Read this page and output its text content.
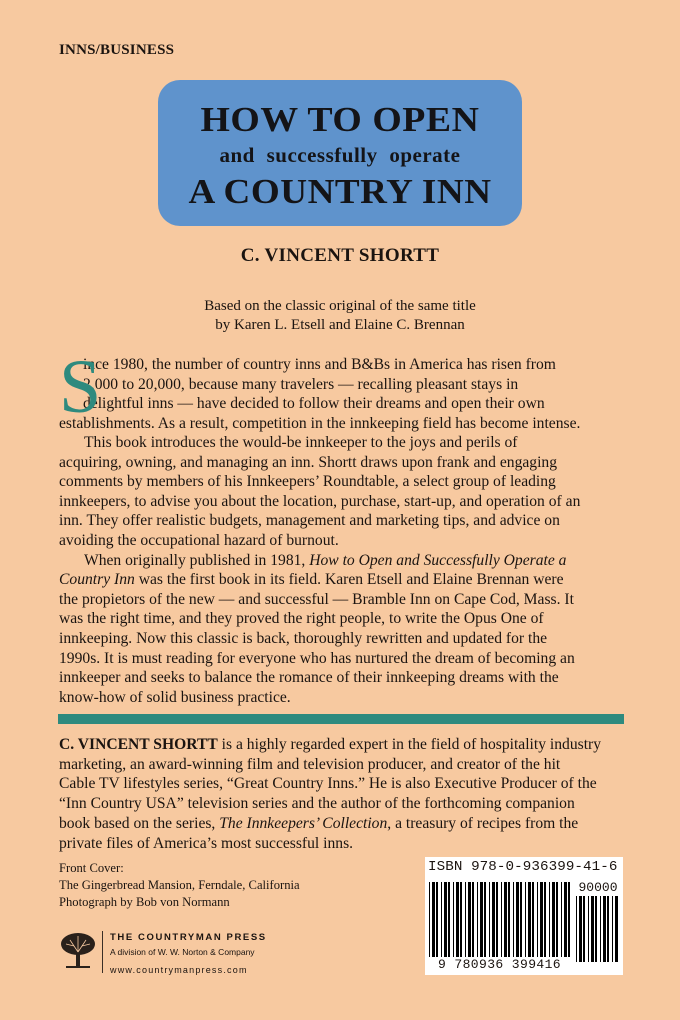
INNS/BUSINESS
HOW TO OPEN
and successfully operate
A COUNTRY INN
C. VINCENT SHORTT
Based on the classic original of the same title
by Karen L. Etsell and Elaine C. Brennan
S
ince 1980, the number of country inns and B&Bs in America has risen from
2,000 to 20,000, because many travelers — recalling pleasant stays in
delightful inns — have decided to follow their dreams and open their own
establishments. As a result, competition in the innkeeping field has become intense.
This book introduces the would-be innkeeper to the joys and perils of
acquiring, owning, and managing an inn. Shortt draws upon frank and engaging
comments by members of his Innkeepers’ Roundtable, a select group of leading
innkeepers, to advise you about the location, purchase, start-up, and operation of an
inn. They offer realistic budgets, management and marketing tips, and advice on
avoiding the occupational hazard of burnout.
When originally published in 1981, How to Open and Successfully Operate a
Country Inn was the first book in its field. Karen Etsell and Elaine Brennan were
the propietors of the new — and successful — Bramble Inn on Cape Cod, Mass. It
was the right time, and they proved the right people, to write the Opus One of
innkeeping. Now this classic is back, thoroughly rewritten and updated for the
1990s. It is must reading for everyone who has nurtured the dream of becoming an
innkeeper and seeks to balance the romance of their innkeeping dreams with the
know-how of solid business practice.
C. VINCENT SHORTT is a highly regarded expert in the field of hospitality industry
marketing, an award-winning film and television producer, and creator of the hit
Cable TV lifestyles series, “Great Country Inns.” He is also Executive Producer of the
“Inn Country USA” television series and the author of the forthcoming companion
book based on the series, The Innkeepers’ Collection, a treasury of recipes from the
private files of America’s most successful inns.
Front Cover:
The Gingerbread Mansion, Ferndale, California
Photograph by Bob von Normann
THE COUNTRYMAN PRESS
A division of W. W. Norton & Company
www.countrymanpress.com
ISBN 978-0-936399-41-6
9 780936 399416
90000
